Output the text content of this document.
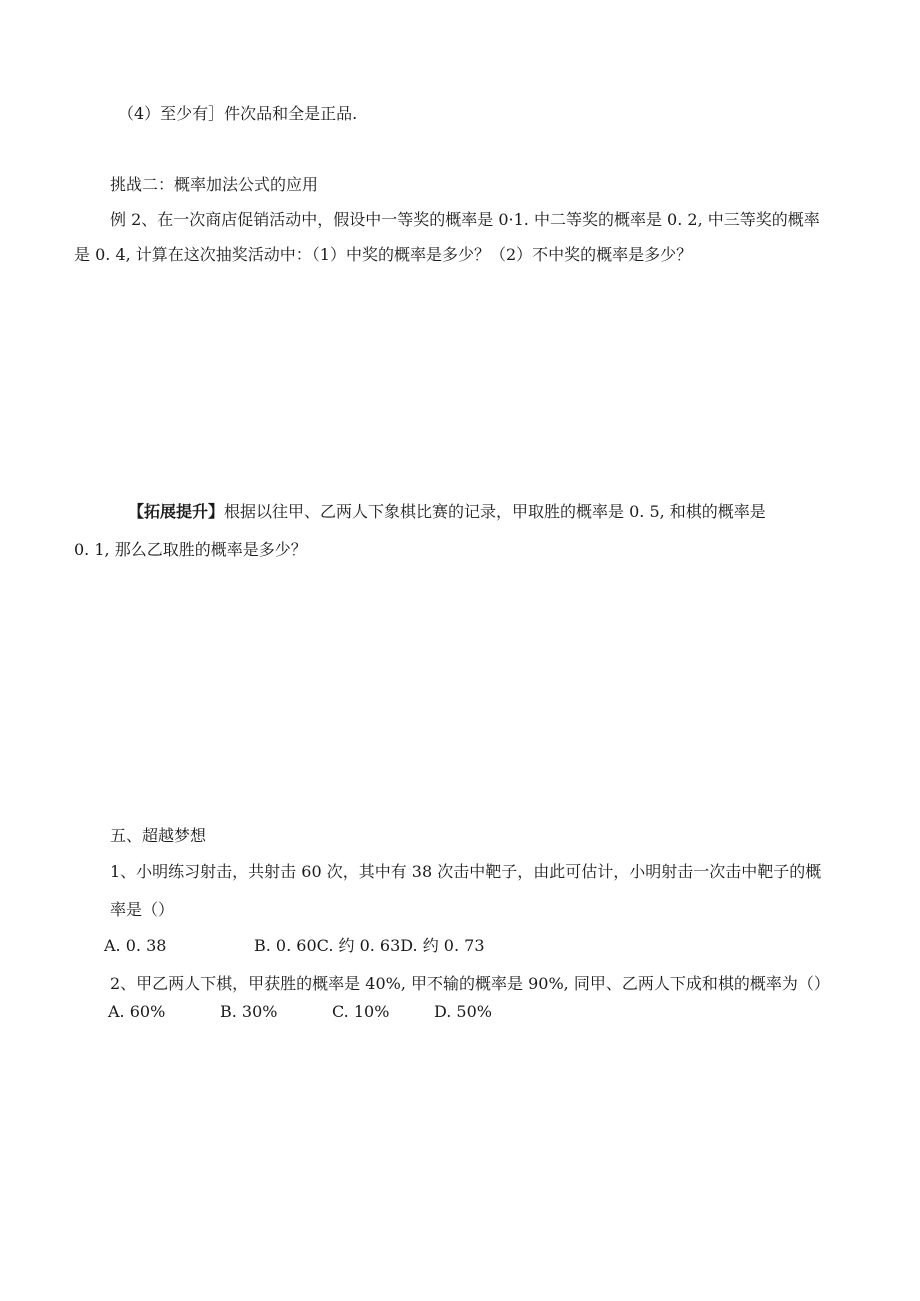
（4）至少有］件次品和全是正品.
挑战二：概率加法公式的应用
例 2、在一次商店促销活动中，假设中一等奖的概率是 0·1. 中二等奖的概率是 0. 2, 中三等奖的概率
是 0. 4, 计算在这次抽奖活动中：（1）中奖的概率是多少？（2）不中奖的概率是多少？
【拓展提升】根据以往甲、乙两人下象棋比赛的记录，甲取胜的概率是 0. 5, 和棋的概率是
0. 1, 那么乙取胜的概率是多少？
五、超越梦想
1、小明练习射击，共射击 60 次，其中有 38 次击中靶子，由此可估计，小明射击一次击中靶子的概
率是（）
A. 0. 38	B. 0. 60C. 约 0. 63D. 约 0. 73
2、甲乙两人下棋，甲获胜的概率是 40%, 甲不输的概率是 90%, 同甲、乙两人下成和棋的概率为（）
A. 60%	B. 30%	C. 10%	D. 50%
